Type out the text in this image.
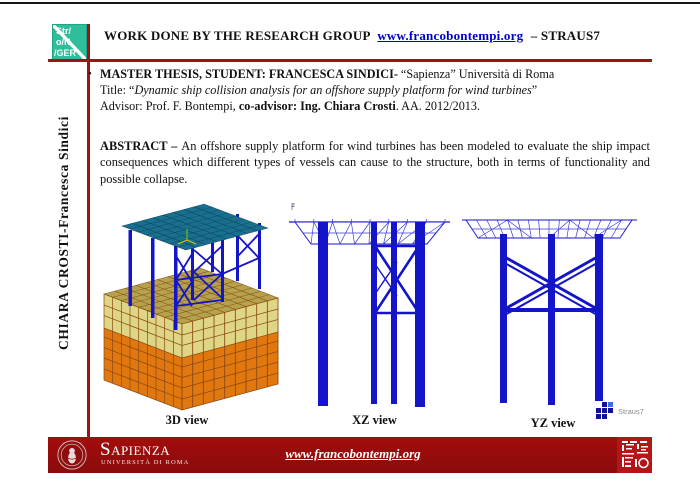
Str/
o/N
/GER
WORK DONE BY THE RESEARCH GROUP www.francobontempi.org – STRAUS7
CHIARA CROSTI-Francesca Sindici
• MASTER THESIS, STUDENT: FRANCESCA SINDICI- “Sapienza” Università di Roma
Title: “Dynamic ship collision analysis for an offshore supply platform for wind turbines”
Advisor: Prof. F. Bontempi, co-advisor: Ing. Chiara Crosti. AA. 2012/2013.
ABSTRACT – An offshore supply platform for wind turbines has been modeled to evaluate the ship impact consequences which different types of vessels can cause to the structure, both in terms of functionality and possible collapse.
3D view
z
XZ view	YZ view
Straus7
Sapienza
UNIVERSITÀ DI ROMA
www.francobontempi.org
